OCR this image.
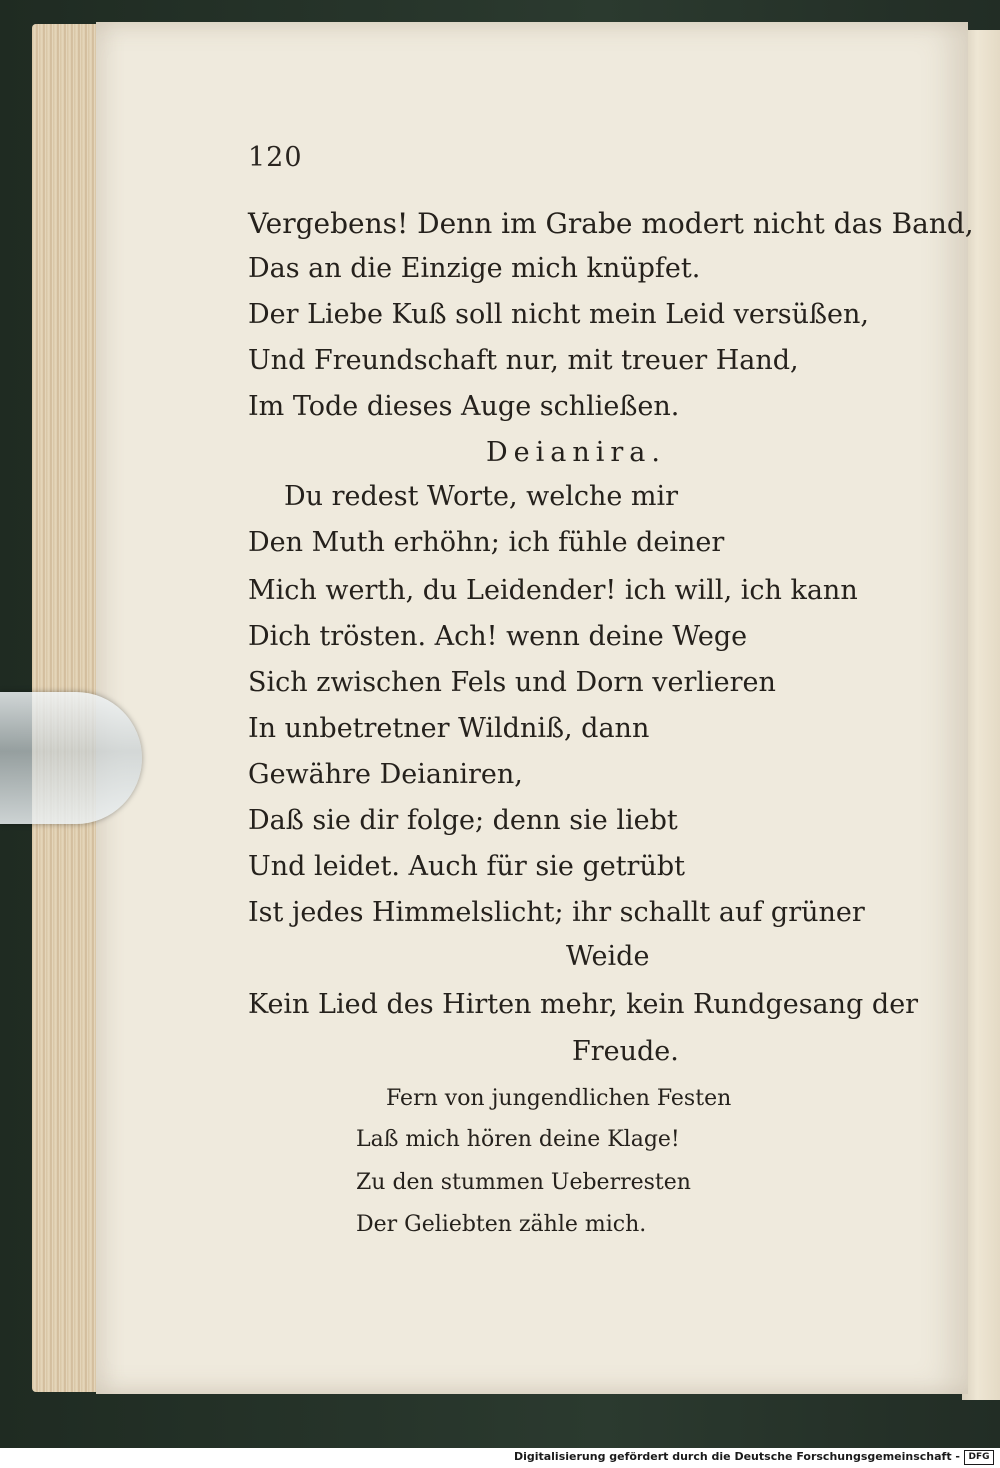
120
Vergebens! Denn im Grabe modert nicht das Band,
Das an die Einzige mich knüpfet.
Der Liebe Kuß soll nicht mein Leid versüßen,
Und Freundschaft nur, mit treuer Hand,
Im Tode dieses Auge schließen.
Deianira.
Du redest Worte, welche mir
Den Muth erhöhn; ich fühle deiner
Mich werth, du Leidender! ich will, ich kann
Dich trösten. Ach! wenn deine Wege
Sich zwischen Fels und Dorn verlieren
In unbetretner Wildniß, dann
Gewähre Deianiren,
Daß sie dir folge; denn sie liebt
Und leidet. Auch für sie getrübt
Ist jedes Himmelslicht; ihr schallt auf grüner
Weide
Kein Lied des Hirten mehr, kein Rundgesang der
Freude.
Fern von jungendlichen Festen
Laß mich hören deine Klage!
Zu den stummen Ueberresten
Der Geliebten zähle mich.
Digitalisierung gefördert durch die Deutsche Forschungsgemeinschaft - DFG
